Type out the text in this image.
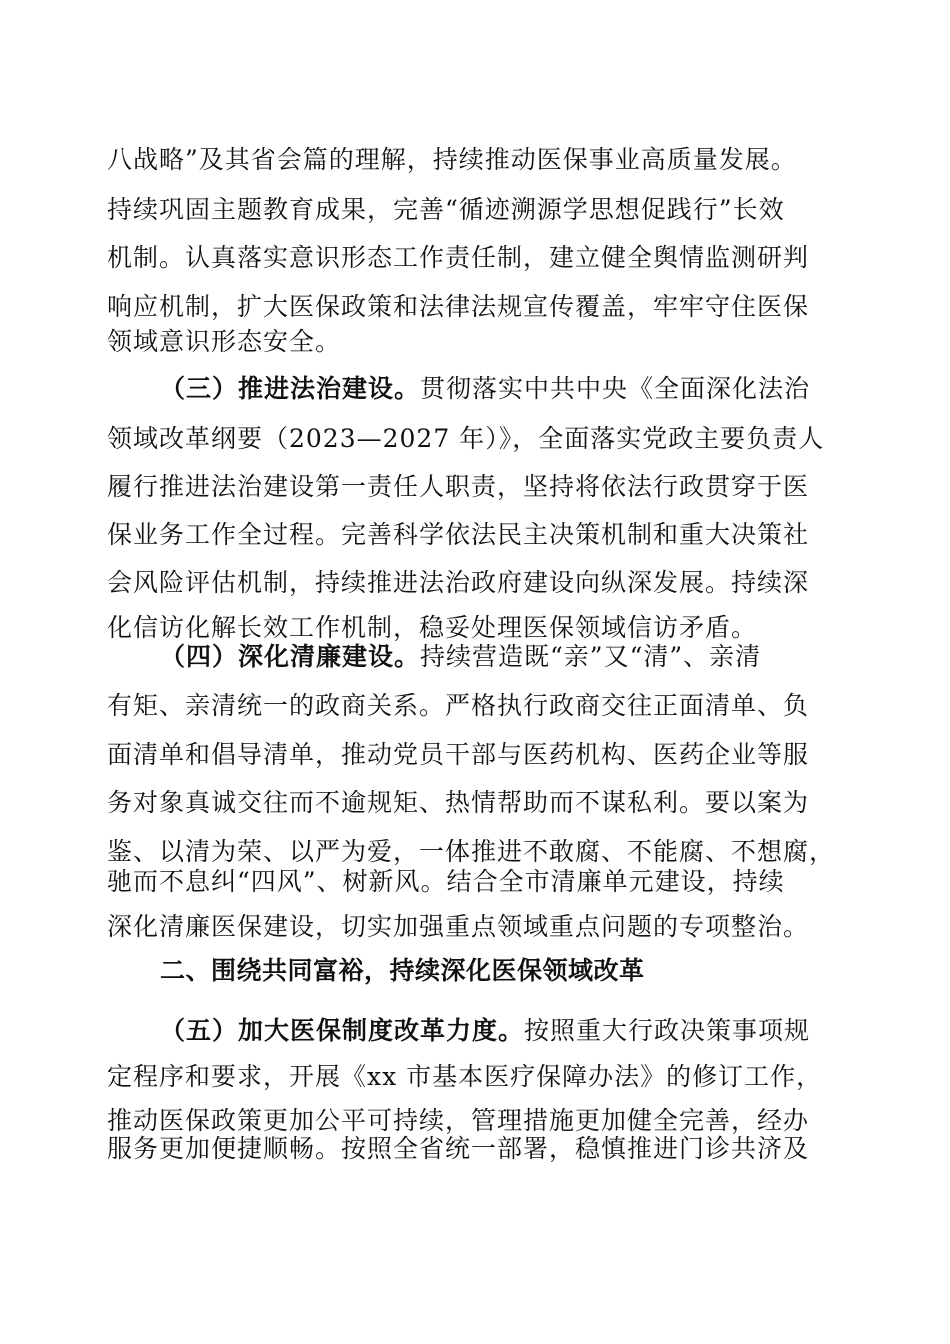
八战略”及其省会篇的理解，持续推动医保事业高质量发展。
持续巩固主题教育成果，完善“循迹溯源学思想促践行”长效
机制。认真落实意识形态工作责任制，建立健全舆情监测研判
响应机制，扩大医保政策和法律法规宣传覆盖，牢牢守住医保
领域意识形态安全。
（三）推进法治建设。贯彻落实中共中央《全面深化法治
领域改革纲要（2023—2027 年）》，全面落实党政主要负责人
履行推进法治建设第一责任人职责，坚持将依法行政贯穿于医
保业务工作全过程。完善科学依法民主决策机制和重大决策社
会风险评估机制，持续推进法治政府建设向纵深发展。持续深
化信访化解长效工作机制，稳妥处理医保领域信访矛盾。
（四）深化清廉建设。持续营造既“亲”又“清”、亲清
有矩、亲清统一的政商关系。严格执行政商交往正面清单、负
面清单和倡导清单，推动党员干部与医药机构、医药企业等服
务对象真诚交往而不逾规矩、热情帮助而不谋私利。要以案为
鉴、以清为荣、以严为爱，一体推进不敢腐、不能腐、不想腐，
驰而不息纠“四风”、树新风。结合全市清廉单元建设，持续
深化清廉医保建设，切实加强重点领域重点问题的专项整治。
二、围绕共同富裕，持续深化医保领域改革
（五）加大医保制度改革力度。按照重大行政决策事项规
定程序和要求，开展《xx 市基本医疗保障办法》的修订工作，
推动医保政策更加公平可持续，管理措施更加健全完善，经办
服务更加便捷顺畅。按照全省统一部署，稳慎推进门诊共济及
